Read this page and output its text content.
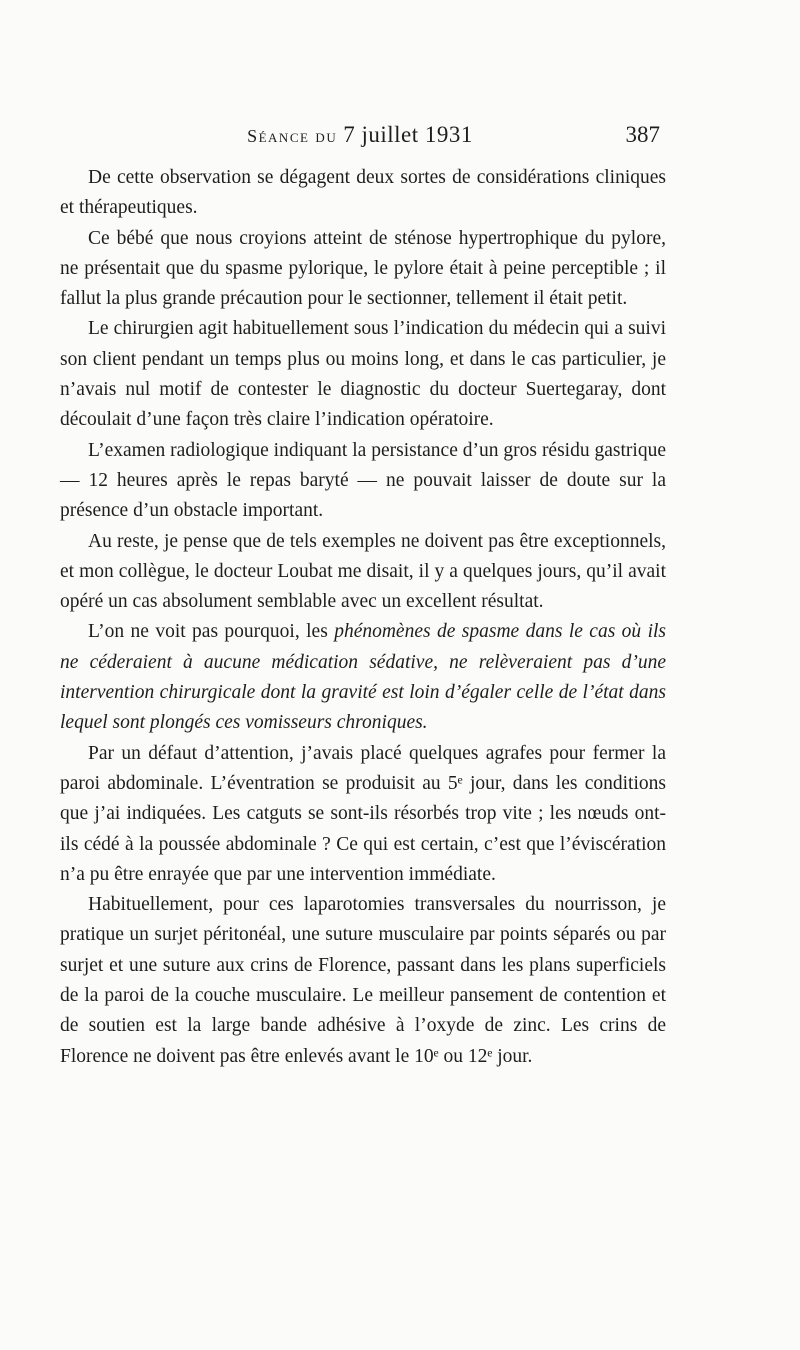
Séance du 7 juillet 1931	387

De cette observation se dégagent deux sortes de considérations cliniques et thérapeutiques.

Ce bébé que nous croyions atteint de sténose hypertrophique du pylore, ne présentait que du spasme pylorique, le pylore était à peine perceptible ; il fallut la plus grande précaution pour le sectionner, tellement il était petit.

Le chirurgien agit habituellement sous l’indication du médecin qui a suivi son client pendant un temps plus ou moins long, et dans le cas particulier, je n’avais nul motif de contester le diagnostic du docteur Suertegaray, dont découlait d’une façon très claire l’indication opératoire.

L’examen radiologique indiquant la persistance d’un gros résidu gastrique — 12 heures après le repas baryté — ne pouvait laisser de doute sur la présence d’un obstacle important.

Au reste, je pense que de tels exemples ne doivent pas être exceptionnels, et mon collègue, le docteur Loubat me disait, il y a quelques jours, qu’il avait opéré un cas absolument semblable avec un excellent résultat.

L’on ne voit pas pourquoi, les phénomènes de spasme dans le cas où ils ne céderaient à aucune médication sédative, ne relèveraient pas d’une intervention chirurgicale dont la gravité est loin d’égaler celle de l’état dans lequel sont plongés ces vomisseurs chroniques.

Par un défaut d’attention, j’avais placé quelques agrafes pour fermer la paroi abdominale. L’éventration se produisit au 5ᵉ jour, dans les conditions que j’ai indiquées. Les catguts se sont-ils résorbés trop vite ; les nœuds ont-ils cédé à la poussée abdominale ? Ce qui est certain, c’est que l’éviscération n’a pu être enrayée que par une intervention immédiate.

Habituellement, pour ces laparotomies transversales du nourrisson, je pratique un surjet péritonéal, une suture musculaire par points séparés ou par surjet et une suture aux crins de Florence, passant dans les plans superficiels de la paroi de la couche musculaire. Le meilleur pansement de contention et de soutien est la large bande adhésive à l’oxyde de zinc. Les crins de Florence ne doivent pas être enlevés avant le 10ᵉ ou 12ᵉ jour.
